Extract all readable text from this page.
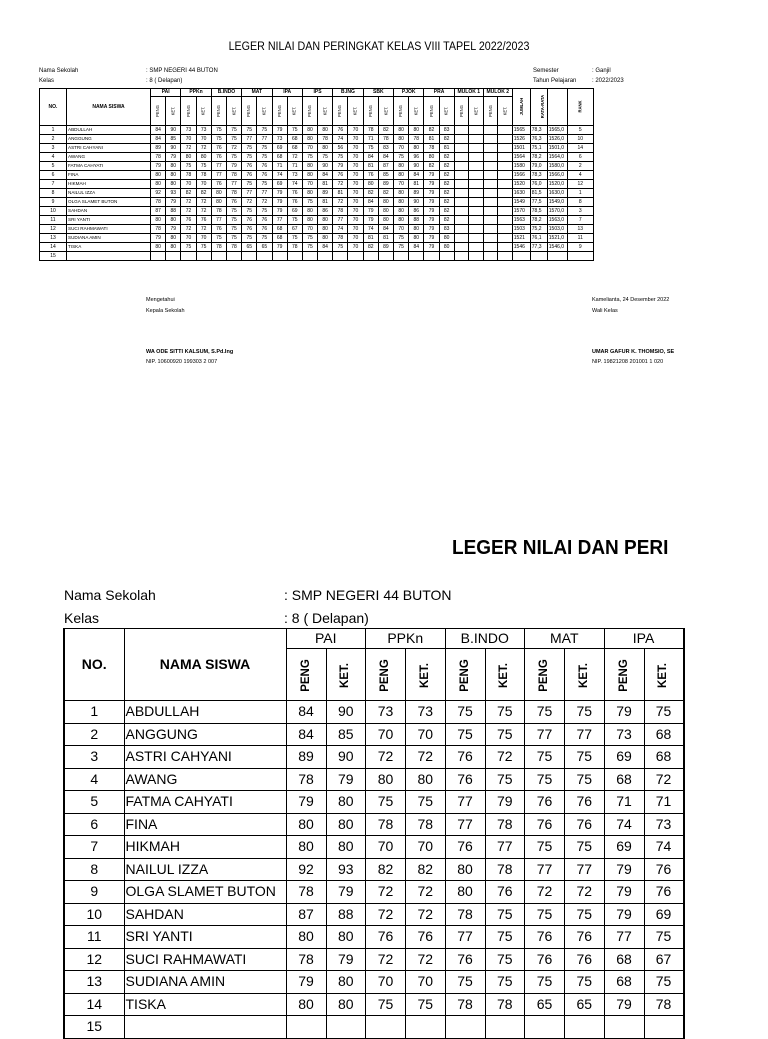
LEGER NILAI DAN PERINGKAT KELAS VIII TAPEL 2022/2023
Nama Sekolah	: SMP NEGERI 44 BUTON
Kelas	: 8 ( Delapan)
Semester	: Ganjil
Tahun Pelajaran	: 2022/2023
NO.	NAMA SISWA	PAI		PPKn		B.INDO		MAT		IPA		IPS		B.ING		SBK		PJOK		PRA		MULOK 1		MULOK 2		JUMLAH	RATA-RATA		RANK
		PENG	KET.	PENG	KET.	PENG	KET.	PENG	KET.	PENG	KET.	PENG	KET.	PENG	KET.	PENG	KET.	PENG	KET.	PENG	KET.	PENG	KET.	PENG	KET.				
1	ABDULLAH	84	90	73	73	75	75	75	75	79	75	80	80	76	70	78	82	80	80	82	83					1565	78,3	1565,0	5
2	ANGGUNG	84	85	70	70	75	75	77	77	73	68	80	78	74	70	71	78	80	78	81	82					1526	76,3	1526,0	10
3	ASTRI CAHYANI	89	90	72	72	76	72	75	75	69	68	70	80	56	70	75	83	70	80	78	81					1501	75,1	1501,0	14
4	AWANG	78	79	80	80	76	75	75	75	68	72	75	75	75	70	84	84	75	96	80	82					1564	78,2	1564,0	6
5	FATMA CAHYATI	79	80	75	75	77	79	76	76	71	71	80	90	79	70	81	87	80	90	82	82					1580	79,0	1580,0	2
6	FINA	80	80	78	78	77	78	76	76	74	73	80	84	76	70	76	85	80	84	79	82					1566	78,3	1566,0	4
7	HIKMAH	80	80	70	70	76	77	75	75	69	74	70	81	72	70	80	89	70	81	79	82					1520	76,0	1520,0	12
8	NAILUL IZZA	92	93	82	82	80	78	77	77	79	76	80	89	81	70	82	82	80	89	79	82					1630	81,5	1630,0	1
9	OLGA SLAMET BUTON	78	79	72	72	80	76	72	72	79	76	75	81	72	70	84	80	80	90	79	82					1549	77,5	1549,0	8
10	SAHDAN	87	88	72	72	78	75	75	75	79	69	80	86	78	70	79	80	80	86	79	82					1570	78,5	1570,0	3
11	SRI YANTI	80	80	76	76	77	75	76	76	77	75	80	80	77	70	79	80	80	88	79	82					1563	78,2	1563,0	7
12	SUCI RAHMAWATI	78	79	72	72	76	75	76	76	68	67	70	80	74	70	74	84	70	80	79	83					1503	75,2	1503,0	13
13	SUDIANA AMIN	79	80	70	70	75	75	75	75	68	75	75	80	78	70	81	81	75	80	79	80					1521	76,1	1521,0	11
14	TISKA	80	80	75	75	78	78	65	65	79	78	75	84	75	70	82	89	75	84	79	80					1546	77,3	1546,0	9
15																													
Mengetahui
Kepala Sekolah
WA ODE SITTI KALSUM, S.Pd.Ing
NIP. 10600920 199303 2 007
Kamelianta, 24 Desember 2022
Wali Kelas
UMAR GAFUR K. THOMSIO, SE
NIP. 19821208 201001 1 020
LEGER NILAI DAN PERI
Nama Sekolah	: SMP NEGERI 44 BUTON
Kelas	: 8 ( Delapan)
NO.	NAMA SISWA	PAI		PPKn		B.INDO		MAT		IPA	
		PENG	KET.	PENG	KET.	PENG	KET.	PENG	KET.	PENG	KET.
1	ABDULLAH	84	90	73	73	75	75	75	75	79	75
2	ANGGUNG	84	85	70	70	75	75	77	77	73	68
3	ASTRI CAHYANI	89	90	72	72	76	72	75	75	69	68
4	AWANG	78	79	80	80	76	75	75	75	68	72
5	FATMA CAHYATI	79	80	75	75	77	79	76	76	71	71
6	FINA	80	80	78	78	77	78	76	76	74	73
7	HIKMAH	80	80	70	70	76	77	75	75	69	74
8	NAILUL IZZA	92	93	82	82	80	78	77	77	79	76
9	OLGA SLAMET BUTON	78	79	72	72	80	76	72	72	79	76
10	SAHDAN	87	88	72	72	78	75	75	75	79	69
11	SRI YANTI	80	80	76	76	77	75	76	76	77	75
12	SUCI RAHMAWATI	78	79	72	72	76	75	76	76	68	67
13	SUDIANA AMIN	79	80	70	70	75	75	75	75	68	75
14	TISKA	80	80	75	75	78	78	65	65	79	78
15											
